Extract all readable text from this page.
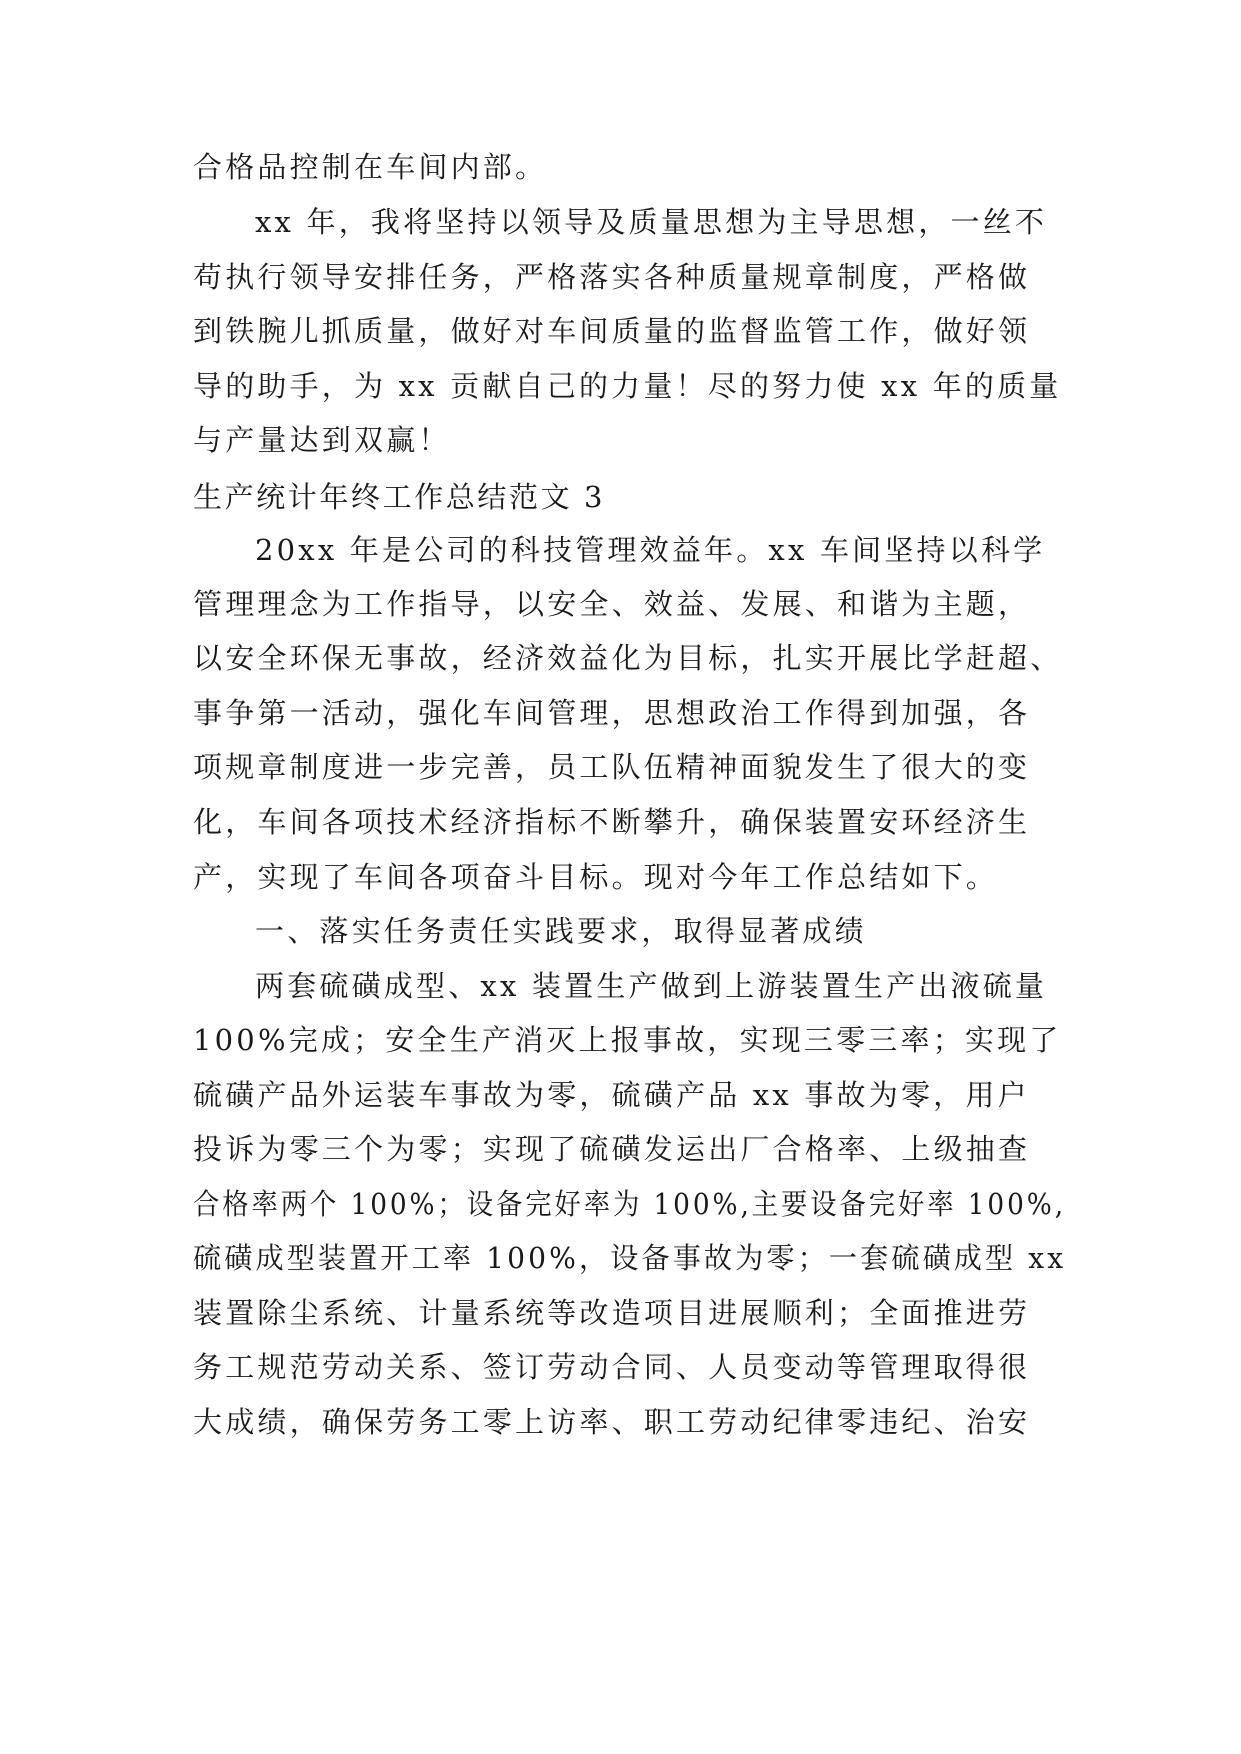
合格品控制在车间内部。
xx 年，我将坚持以领导及质量思想为主导思想，一丝不
苟执行领导安排任务，严格落实各种质量规章制度，严格做
到铁腕儿抓质量，做好对车间质量的监督监管工作，做好领
导的助手，为 xx 贡献自己的力量！尽的努力使 xx 年的质量
与产量达到双赢！
生产统计年终工作总结范文 3
20xx 年是公司的科技管理效益年。xx 车间坚持以科学
管理理念为工作指导，以安全、效益、发展、和谐为主题，
以安全环保无事故，经济效益化为目标，扎实开展比学赶超、
事争第一活动，强化车间管理，思想政治工作得到加强，各
项规章制度进一步完善，员工队伍精神面貌发生了很大的变
化，车间各项技术经济指标不断攀升，确保装置安环经济生
产，实现了车间各项奋斗目标。现对今年工作总结如下。
一、落实任务责任实践要求，取得显著成绩
两套硫磺成型、xx 装置生产做到上游装置生产出液硫量
100%完成；安全生产消灭上报事故，实现三零三率；实现了
硫磺产品外运装车事故为零，硫磺产品 xx 事故为零，用户
投诉为零三个为零；实现了硫磺发运出厂合格率、上级抽查
合格率两个 100%；设备完好率为 100%,主要设备完好率 100%,
硫磺成型装置开工率 100%，设备事故为零；一套硫磺成型 xx
装置除尘系统、计量系统等改造项目进展顺利；全面推进劳
务工规范劳动关系、签订劳动合同、人员变动等管理取得很
大成绩，确保劳务工零上访率、职工劳动纪律零违纪、治安
